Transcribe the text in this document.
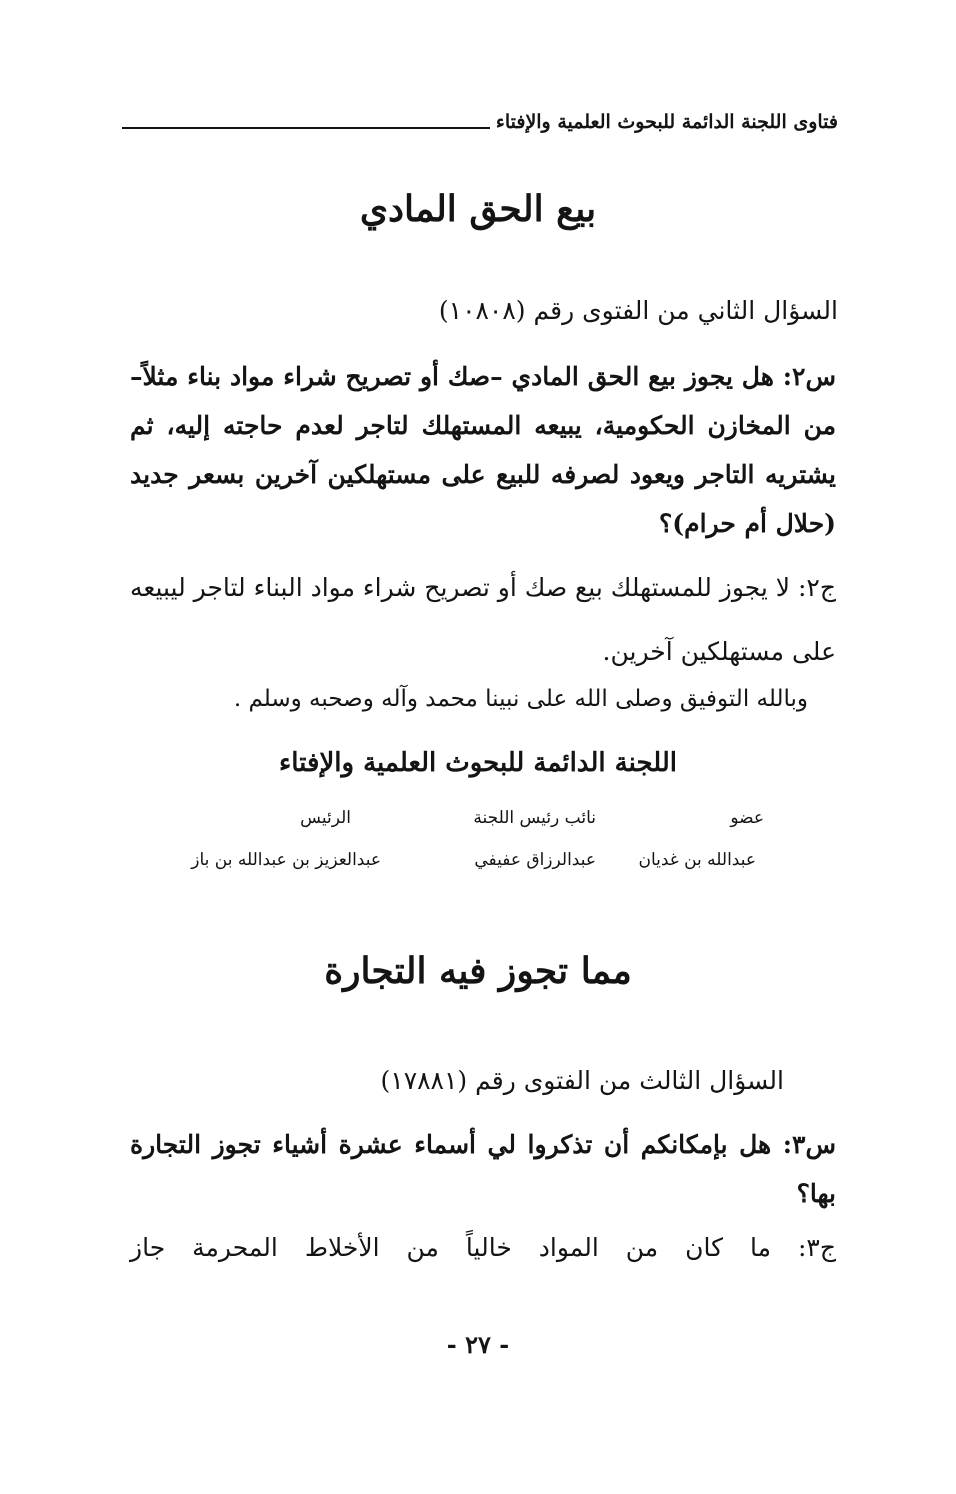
فتاوى اللجنة الدائمة للبحوث العلمية والإفتاء
بيع الحق المادي
السؤال الثاني من الفتوى رقم (١٠٨٠٨)
س٢: هل يجوز بيع الحق المادي –صك أو تصريح شراء مواد بناء مثلاً– من المخازن الحكومية، يبيعه المستهلك لتاجر لعدم حاجته إليه، ثم يشتريه التاجر ويعود لصرفه للبيع على مستهلكين آخرين بسعر جديد (حلال أم حرام)؟
ج٢: لا يجوز للمستهلك بيع صك أو تصريح شراء مواد البناء لتاجر ليبيعه على مستهلكين آخرين.
وبالله التوفيق وصلى الله على نبينا محمد وآله وصحبه وسلم .
اللجنة الدائمة للبحوث العلمية والإفتاء
عضو
نائب رئيس اللجنة
الرئيس
عبدالله بن غديان
عبدالرزاق عفيفي
عبدالعزيز بن عبدالله بن باز
مما تجوز فيه التجارة
السؤال الثالث من الفتوى رقم (١٧٨٨١)
س٣: هل بإمكانكم أن تذكروا لي أسماء عشرة أشياء تجوز التجارة بها؟
ج٣: ما كان من المواد خالياً من الأخلاط المحرمة جاز
- ٢٧ -
